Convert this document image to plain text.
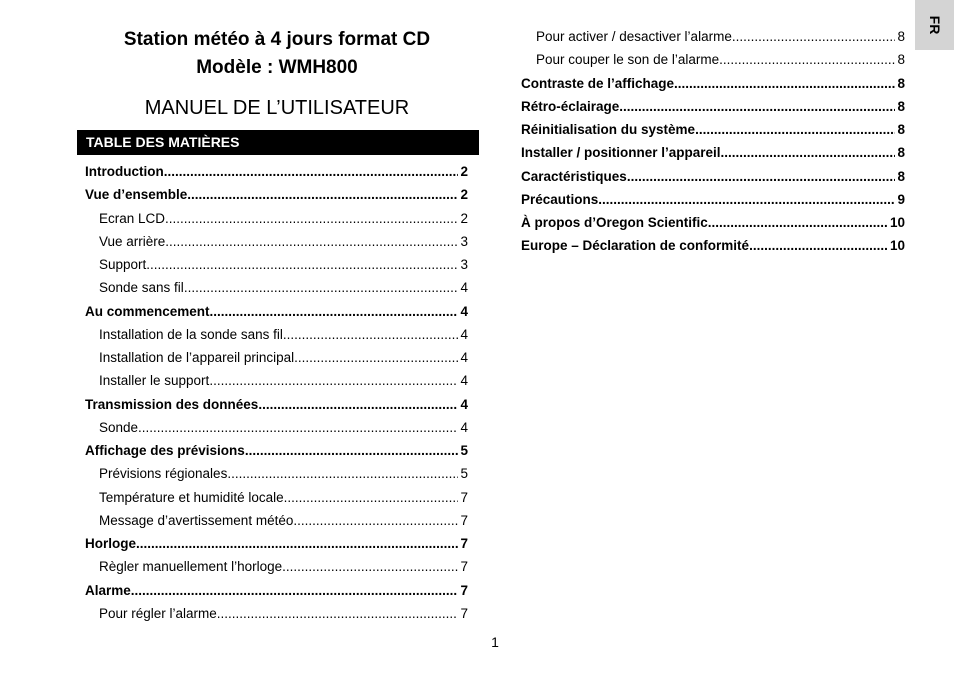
Station météo à 4 jours format CD
Modèle : WMH800
MANUEL DE L’UTILISATEUR
TABLE DES MATIÈRES
Introduction .....	2
Vue d’ensemble .....	2
Ecran LCD .....	2
Vue arrière .....	3
Support .....	3
Sonde sans fil .....	4
Au commencement .....	4
Installation de la sonde sans fil .....	4
Installation de l’appareil principal .....	4
Installer le support .....	4
Transmission des données .....	4
Sonde .....	4
Affichage des prévisions .....	5
Prévisions régionales .....	5
Température et humidité locale .....	7
Message d’avertissement météo .....	7
Horloge .....	7
Règler manuellement l’horloge .....	7
Alarme .....	7
Pour régler l’alarme .....	7
Pour activer / desactiver l’alarme .....	8
Pour couper le son de l’alarme .....	8
Contraste de l’affichage .....	8
Rétro-éclairage .....	8
Réinitialisation du système .....	8
Installer / positionner l’appareil .....	8
Caractéristiques .....	8
Précautions .....	9
À propos d’Oregon Scientific .....	10
Europe – Déclaration de conformité .....	10
1
FR
